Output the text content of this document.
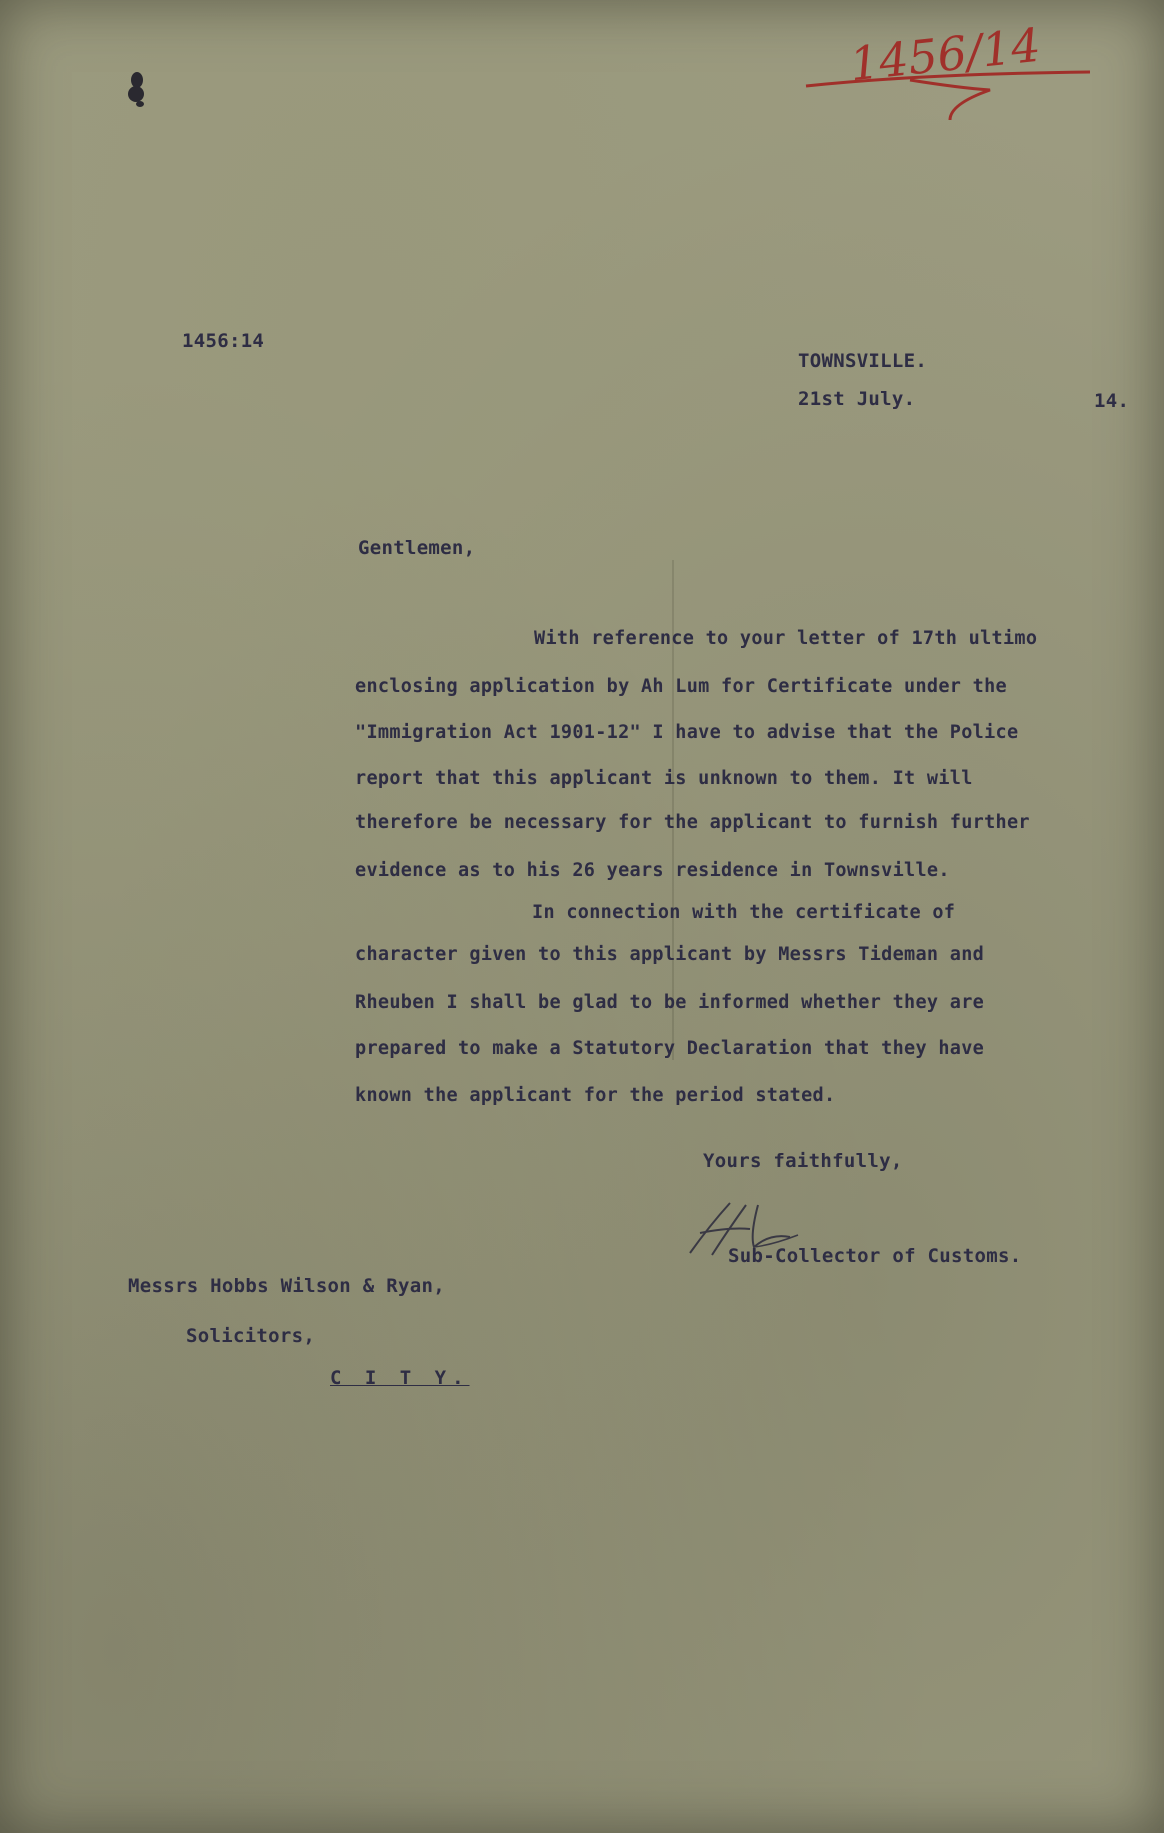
1456/14
1456:14
TOWNSVILLE.
21st July.	14.
Gentlemen,
With reference to your letter of 17th ultimo
enclosing application by Ah Lum for Certificate under the
"Immigration Act 1901-12" I have to advise that the Police
report that this applicant is unknown to them. It will
therefore be necessary for the applicant to furnish further
evidence as to his 26 years residence in Townsville.
In connection with the certificate of
character given to this applicant by Messrs Tideman and
Rheuben I shall be glad to be informed whether they are
prepared to make a Statutory Declaration that they have
known the applicant for the period stated.
Yours faithfully,
Sub-Collector of Customs.
Messrs Hobbs Wilson & Ryan,
Solicitors,
C I T Y.
